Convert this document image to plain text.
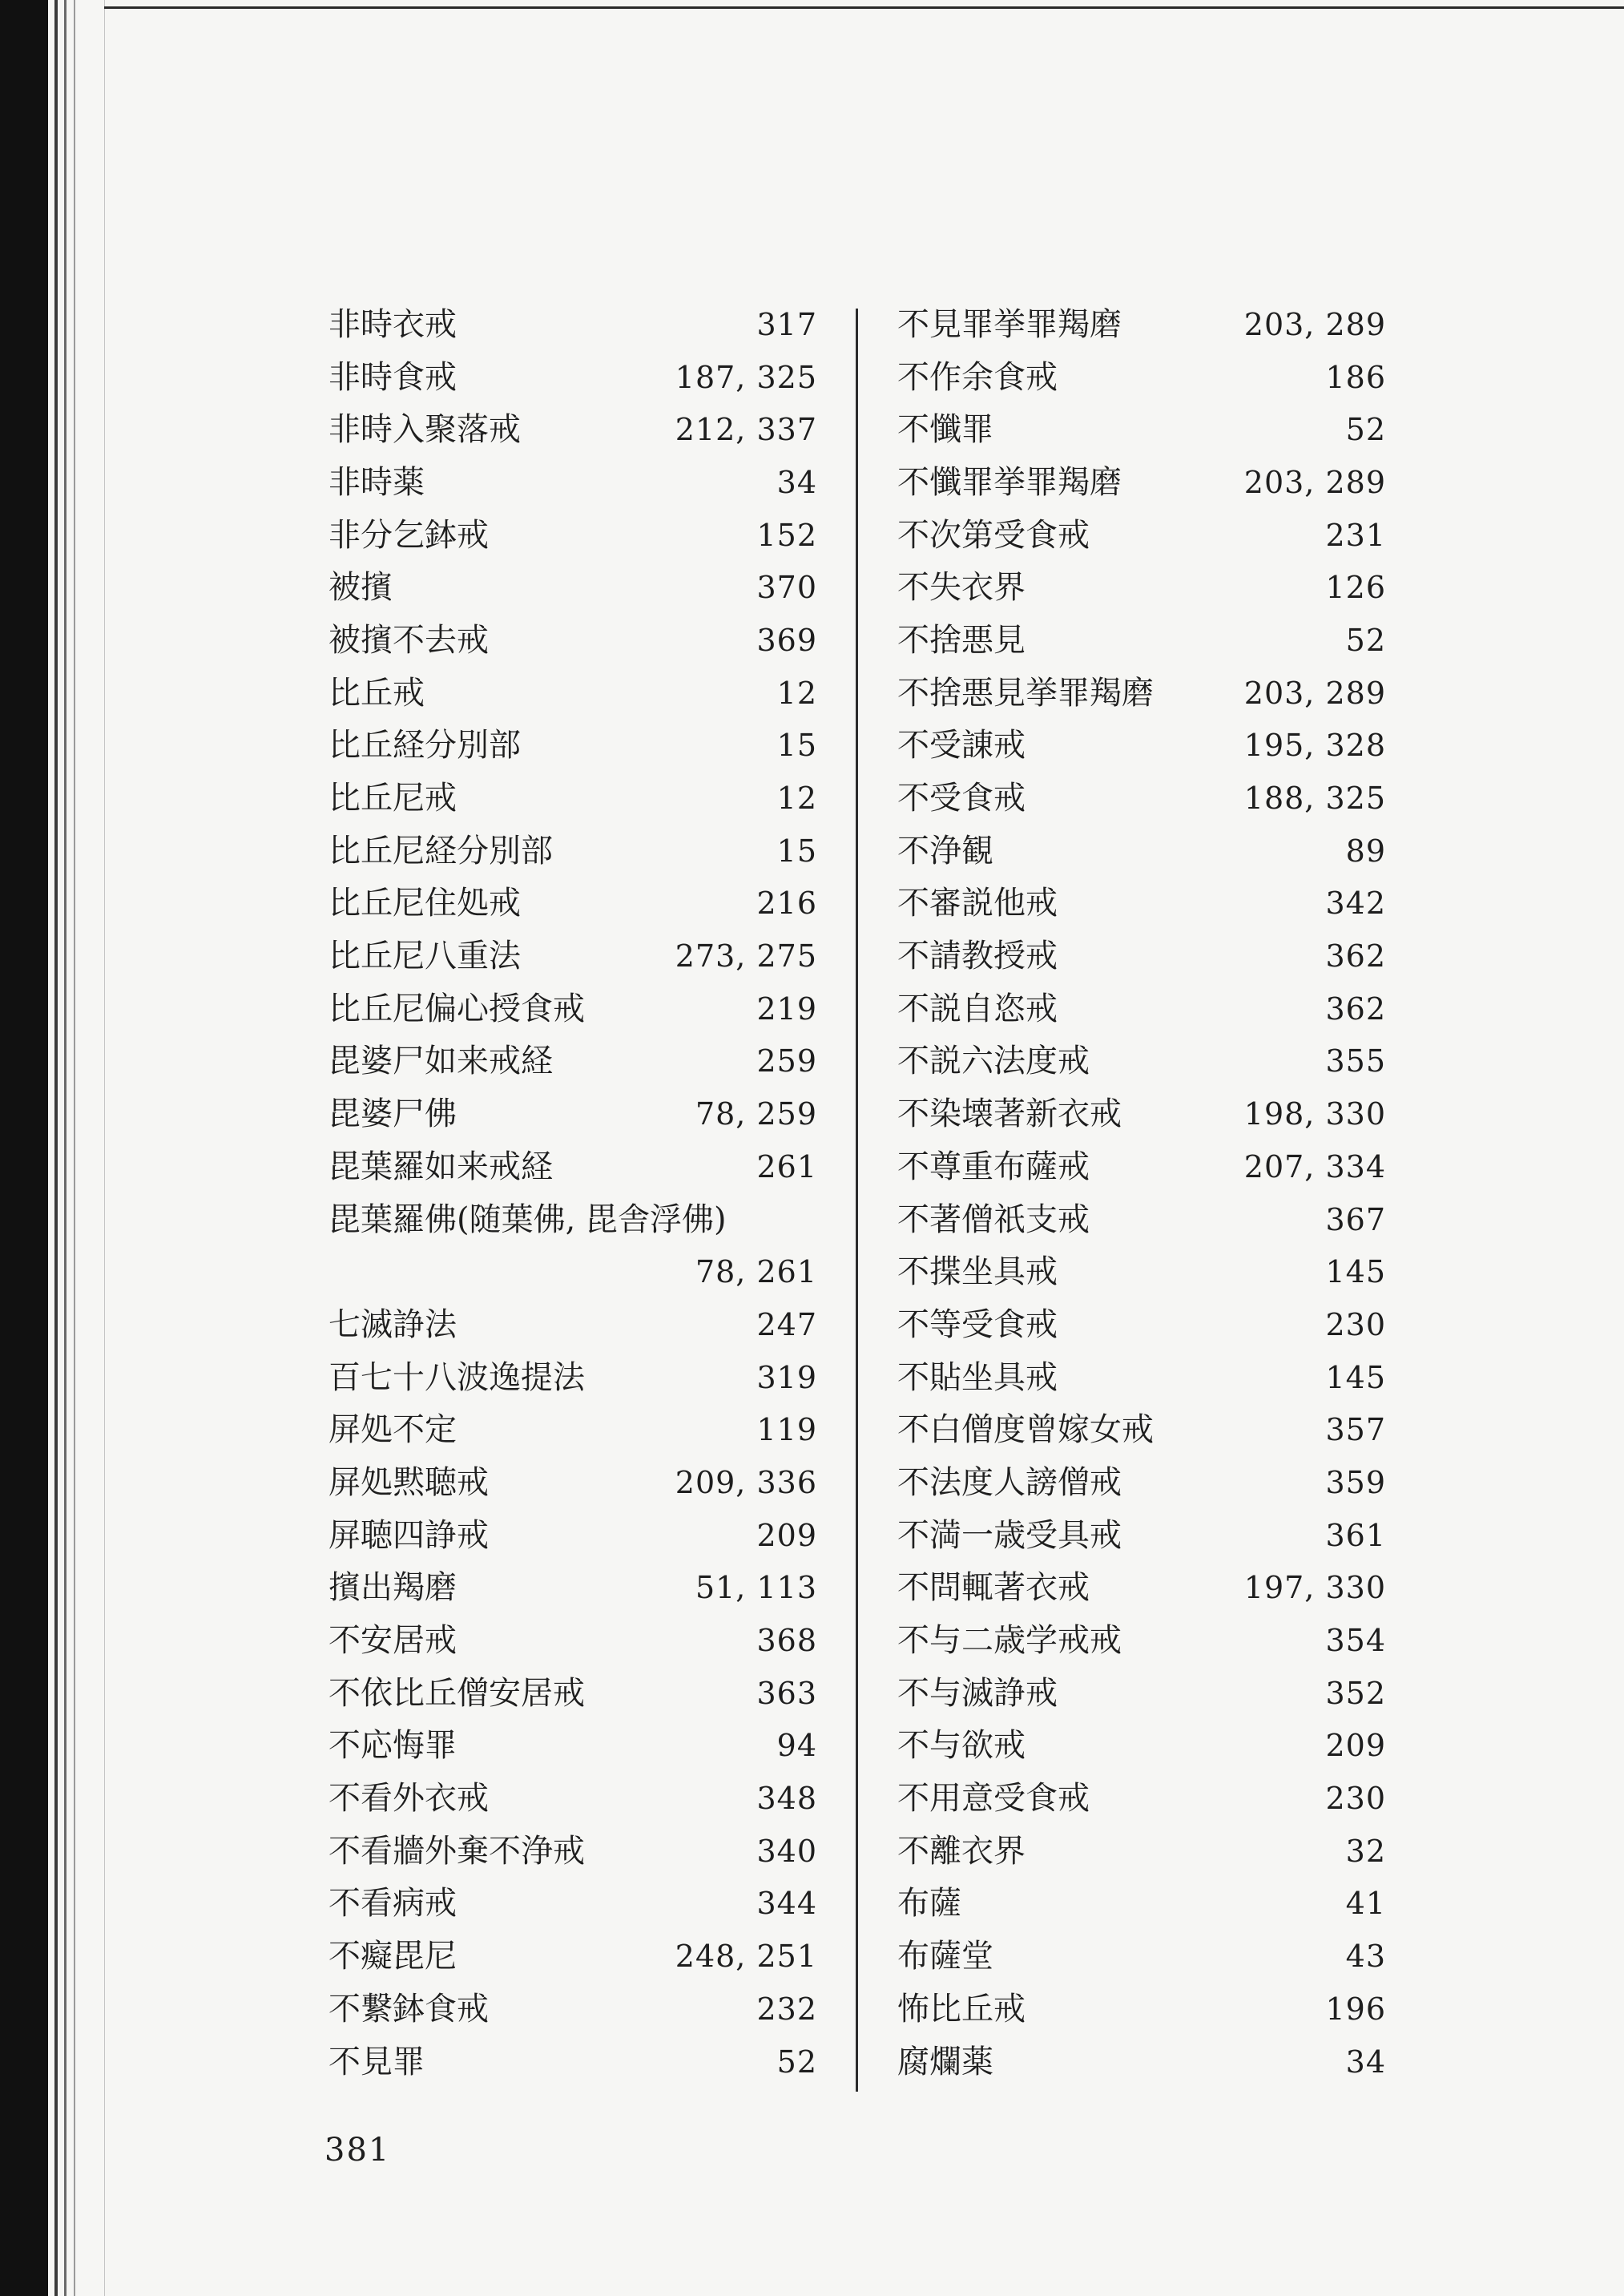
非時衣戒	317
非時食戒	187, 325
非時入聚落戒	212, 337
非時薬	34
非分乞鉢戒	152
被擯	370
被擯不去戒	369
比丘戒	12
比丘経分別部	15
比丘尼戒	12
比丘尼経分別部	15
比丘尼住処戒	216
比丘尼八重法	273, 275
比丘尼偏心授食戒	219
毘婆尸如来戒経	259
毘婆尸佛	78, 259
毘葉羅如来戒経	261
毘葉羅佛(随葉佛, 毘舎浮佛)
78, 261
七滅諍法	247
百七十八波逸提法	319
屏処不定	119
屏処黙聴戒	209, 336
屏聴四諍戒	209
擯出羯磨	51, 113
不安居戒	368
不依比丘僧安居戒	363
不応悔罪	94
不看外衣戒	348
不看牆外棄不浄戒	340
不看病戒	344
不癡毘尼	248, 251
不繋鉢食戒	232
不見罪	52
不見罪挙罪羯磨	203, 289
不作余食戒	186
不懺罪	52
不懺罪挙罪羯磨	203, 289
不次第受食戒	231
不失衣界	126
不捨悪見	52
不捨悪見挙罪羯磨	203, 289
不受諌戒	195, 328
不受食戒	188, 325
不浄観	89
不審説他戒	342
不請教授戒	362
不説自恣戒	362
不説六法度戒	355
不染壊著新衣戒	198, 330
不尊重布薩戒	207, 334
不著僧祇支戒	367
不揲坐具戒	145
不等受食戒	230
不貼坐具戒	145
不白僧度曾嫁女戒	357
不法度人謗僧戒	359
不満一歳受具戒	361
不問輒著衣戒	197, 330
不与二歳学戒戒	354
不与滅諍戒	352
不与欲戒	209
不用意受食戒	230
不離衣界	32
布薩	41
布薩堂	43
怖比丘戒	196
腐爛薬	34
381
